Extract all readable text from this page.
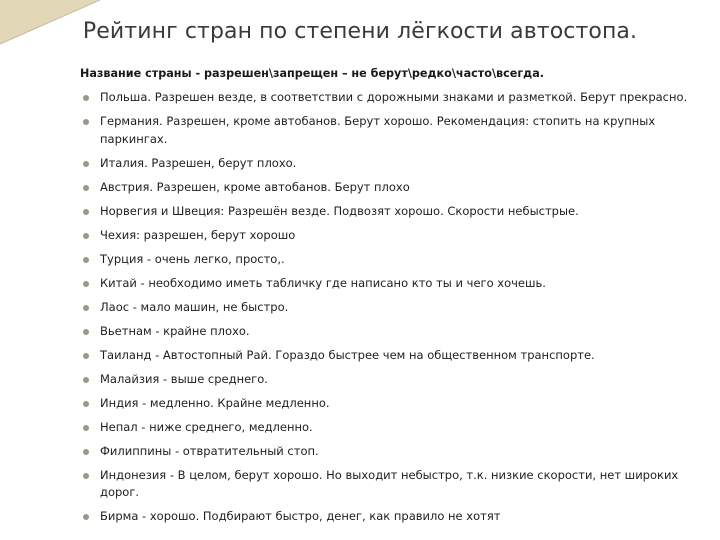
Рейтинг стран по степени лёгкости автостопа.
Название страны - разрешен\запрещен – не берут\редко\часто\всегда.
Польша. Разрешен везде, в соответствии с дорожными знаками и разметкой. Берут прекрасно.
Германия. Разрешен, кроме автобанов. Берут хорошо. Рекомендация: стопить на крупных паркингах.
Италия. Разрешен, берут плохо.
Австрия. Разрешен, кроме автобанов. Берут плохо
Норвегия и Швеция: Разрешён везде. Подвозят хорошо. Скорости небыстрые.
Чехия: разрешен, берут хорошо
Турция - очень легко, просто,.
Китай - необходимо иметь табличку где написано кто ты и чего хочешь.
Лаос - мало машин, не быстро.
Вьетнам - крайне плохо.
Таиланд - Автостопный Рай. Гораздо быстрее чем на общественном транспорте.
Малайзия - выше среднего.
Индия - медленно. Крайне медленно.
Непал - ниже среднего, медленно.
Филиппины - отвратительный стоп.
Индонезия - В целом, берут хорошо. Но выходит небыстро, т.к. низкие скорости, нет широких дорог.
Бирма - хорошо. Подбирают быстро, денег, как правило не хотят
